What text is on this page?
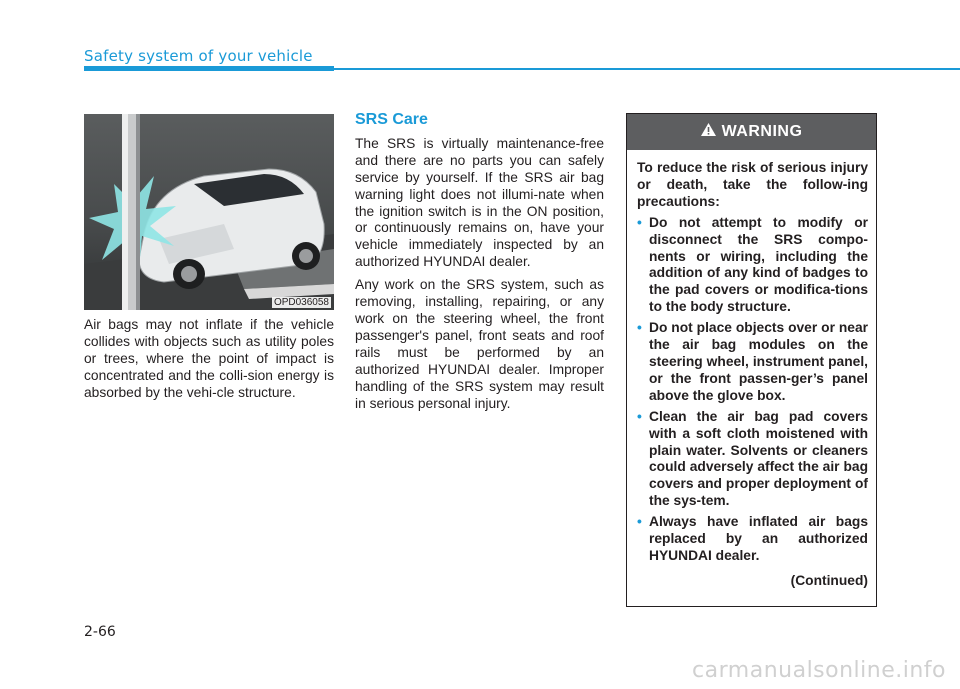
Safety system of your vehicle
OPD036058
Air bags may not inflate if the vehicle collides with objects such as utility poles or trees, where the point of impact is concentrated and the colli-sion energy is absorbed by the vehi-cle structure.
SRS Care

The SRS is virtually maintenance-free and there are no parts you can safely service by yourself. If the SRS air bag warning light does not illumi-nate when the ignition switch is in the ON position, or continuously remains on, have your vehicle immediately inspected by an authorized HYUNDAI dealer.

Any work on the SRS system, such as removing, installing, repairing, or any work on the steering wheel, the front passenger's panel, front seats and roof rails must be performed by an authorized HYUNDAI dealer. Improper handling of the SRS system may result in serious personal injury.

WARNING
To reduce the risk of serious injury or death, take the follow-ing precautions:
• Do not attempt to modify or disconnect the SRS compo-nents or wiring, including the addition of any kind of badges to the pad covers or modifica-tions to the body structure.
• Do not place objects over or near the air bag modules on the steering wheel, instrument panel, or the front passen-ger’s panel above the glove box.
• Clean the air bag pad covers with a soft cloth moistened with plain water. Solvents or cleaners could adversely affect the air bag covers and proper deployment of the sys-tem.
• Always have inflated air bags replaced by an authorized HYUNDAI dealer.
(Continued)
2-66
carmanualsonline.info
